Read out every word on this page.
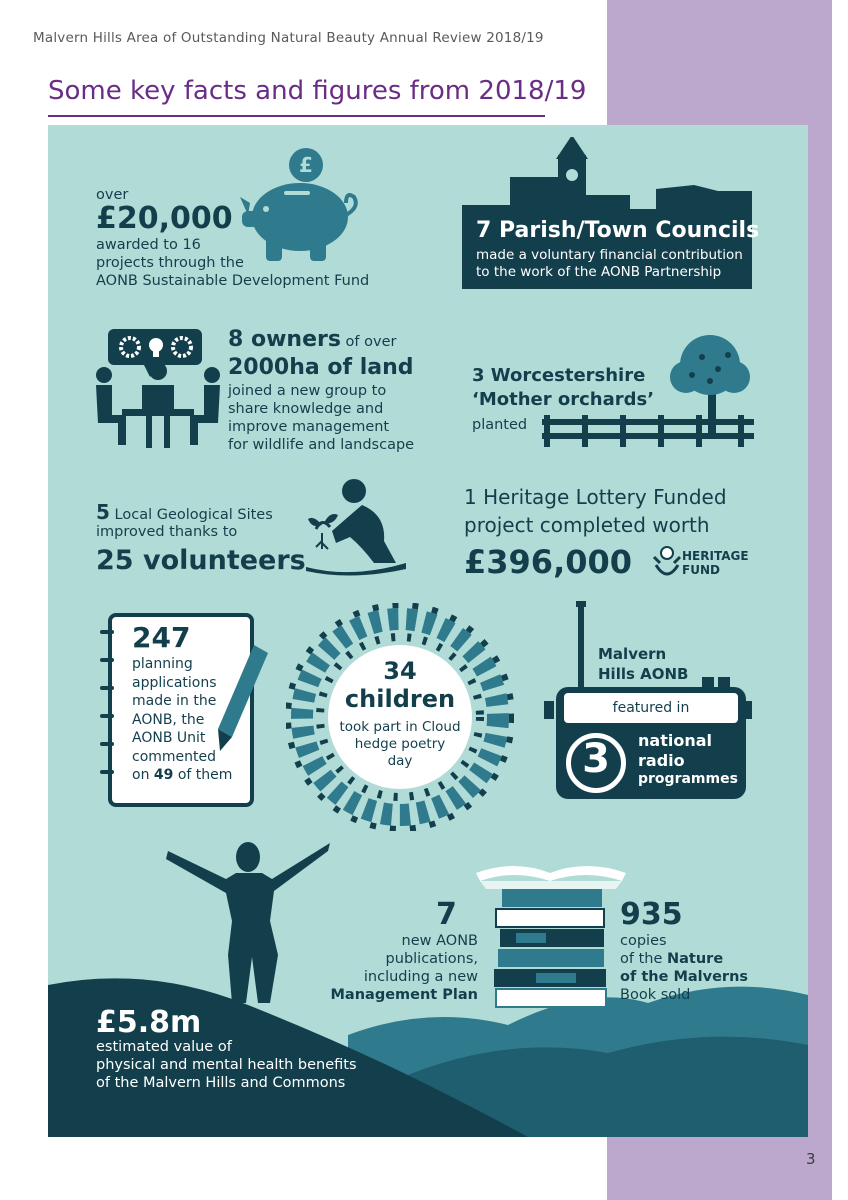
Malvern Hills Area of Outstanding Natural Beauty Annual Review 2018/19
Some key facts and figures from 2018/19
over
£20,000
awarded to 16
projects through the
AONB Sustainable Development Fund
£
7 Parish/Town Councils
made a voluntary financial contribution
to the work of the AONB Partnership
8 owners of over
2000ha of land
joined a new group to
share knowledge and
improve management
for wildlife and landscape
3 Worcestershire
‘Mother orchards’
planted
5 Local Geological Sites
improved thanks to
25 volunteers
1 Heritage Lottery Funded
project completed worth
£396,000	HERITAGE
FUND
247
planning
applications
made in the
AONB, the
AONB Unit
commented
on 49 of them
34
children
took part in Cloud
hedge poetry
day
Malvern
Hills AONB
featured in
3	national
radio
programmes
£5.8m
estimated value of
physical and mental health benefits
of the Malvern Hills and Commons
7
new AONB
publications,
including a new
Management Plan
935
copies
of the Nature
of the Malverns
Book sold
3
